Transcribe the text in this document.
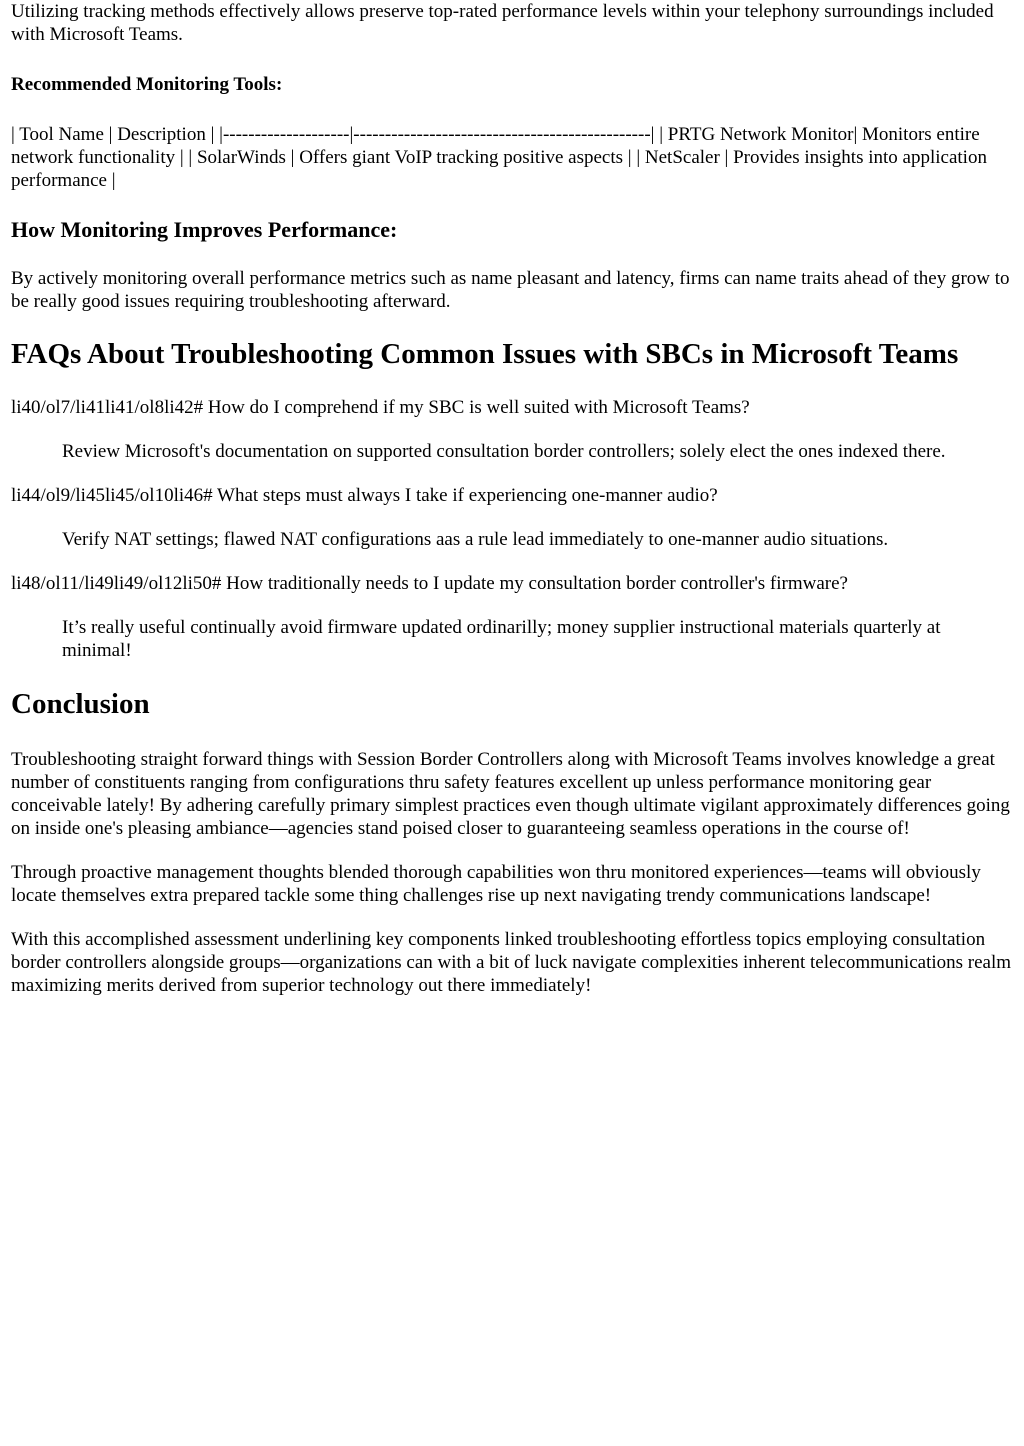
Utilizing tracking methods effectively allows preserve top-rated performance levels within your telephony surroundings included with Microsoft Teams.

Recommended Monitoring Tools:

| Tool Name | Description | |--------------------|-----------------------------------------------| | PRTG Network Monitor| Monitors entire network functionality | | SolarWinds | Offers giant VoIP tracking positive aspects | | NetScaler | Provides insights into application performance |

How Monitoring Improves Performance:

By actively monitoring overall performance metrics such as name pleasant and latency, firms can name traits ahead of they grow to be really good issues requiring troubleshooting afterward.

FAQs About Troubleshooting Common Issues with SBCs in Microsoft Teams

li40/ol7/li41li41/ol8li42# How do I comprehend if my SBC is well suited with Microsoft Teams?

Review Microsoft's documentation on supported consultation border controllers; solely elect the ones indexed there.

li44/ol9/li45li45/ol10li46# What steps must always I take if experiencing one-manner audio?

Verify NAT settings; flawed NAT configurations aas a rule lead immediately to one-manner audio situations.

li48/ol11/li49li49/ol12li50# How traditionally needs to I update my consultation border controller's firmware?

It’s really useful continually avoid firmware updated ordinarilly; money supplier instructional materials quarterly at minimal!

Conclusion

Troubleshooting straight forward things with Session Border Controllers along with Microsoft Teams involves knowledge a great number of constituents ranging from configurations thru safety features excellent up unless performance monitoring gear conceivable lately! By adhering carefully primary simplest practices even though ultimate vigilant approximately differences going on inside one's pleasing ambiance—agencies stand poised closer to guaranteeing seamless operations in the course of!

Through proactive management thoughts blended thorough capabilities won thru monitored experiences—teams will obviously locate themselves extra prepared tackle some thing challenges rise up next navigating trendy communications landscape!

With this accomplished assessment underlining key components linked troubleshooting effortless topics employing consultation border controllers alongside groups—organizations can with a bit of luck navigate complexities inherent telecommunications realm maximizing merits derived from superior technology out there immediately!
